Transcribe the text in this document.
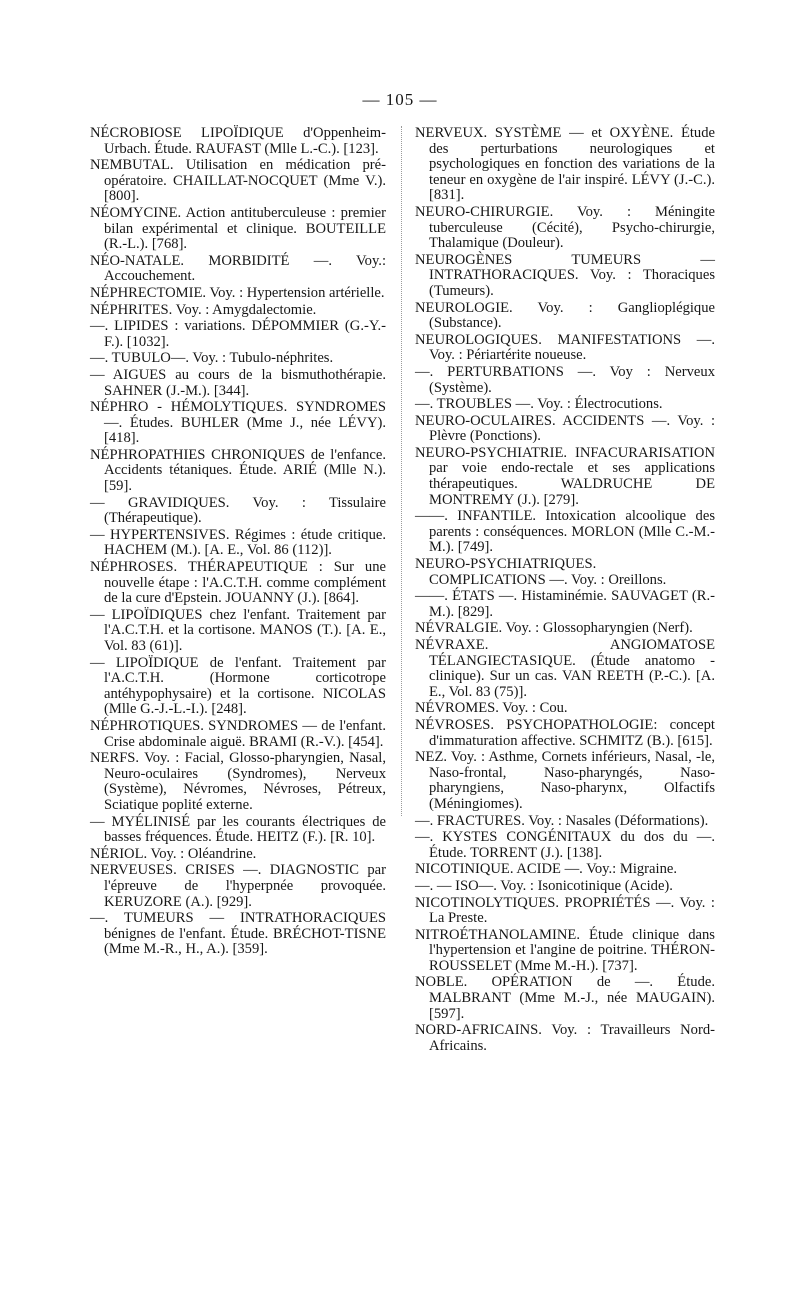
— 105 —

NÉCROBIOSE LIPOÏDIQUE d'Oppenheim-Urbach. Étude. RAUFAST (Mlle L.-C.). [123].

NEMBUTAL. Utilisation en médication pré-opératoire. CHAILLAT-NOCQUET (Mme V.). [800].

NÉOMYCINE. Action antituberculeuse : premier bilan expérimental et clinique. BOUTEILLE (R.-L.). [768].

NÉO-NATALE. MORBIDITÉ —. Voy.: Accouchement.

NÉPHRECTOMIE. Voy. : Hypertension artérielle.

NÉPHRITES. Voy. : Amygdalectomie.

—. LIPIDES : variations. DÉPOMMIER (G.-Y.-F.). [1032].

—. TUBULO—. Voy. : Tubulo-néphrites.

— AIGUES au cours de la bismuthothérapie. SAHNER (J.-M.). [344].

NÉPHRO - HÉMOLYTIQUES. SYNDROMES —. Études. BUHLER (Mme J., née LÉVY). [418].

NÉPHROPATHIES CHRONIQUES de l'enfance. Accidents tétaniques. Étude. ARIÉ (Mlle N.). [59].

— GRAVIDIQUES. Voy. : Tissulaire (Thérapeutique).

— HYPERTENSIVES. Régimes : étude critique. HACHEM (M.). [A. E., Vol. 86 (112)].

NÉPHROSES. THÉRAPEUTIQUE : Sur une nouvelle étape : l'A.C.T.H. comme complément de la cure d'Epstein. JOUANNY (J.). [864].

— LIPOÏDIQUES chez l'enfant. Traitement par l'A.C.T.H. et la cortisone. MANOS (T.). [A. E., Vol. 83 (61)].

— LIPOÏDIQUE de l'enfant. Traitement par l'A.C.T.H. (Hormone corticotrope antéhypophysaire) et la cortisone. NICOLAS (Mlle G.-J.-L.-I.). [248].

NÉPHROTIQUES. SYNDROMES — de l'enfant. Crise abdominale aiguë. BRAMI (R.-V.). [454].

NERFS. Voy. : Facial, Glosso-pharyngien, Nasal, Neuro-oculaires (Syndromes), Nerveux (Système), Névromes, Névroses, Pétreux, Sciatique poplité externe.

— MYÉLINISÉ par les courants électriques de basses fréquences. Étude. HEITZ (F.). [R. 10].

NÉRIOL. Voy. : Oléandrine.

NERVEUSES. CRISES —. DIAGNOSTIC par l'épreuve de l'hyperpnée provoquée. KERUZORE (A.). [929].

—. TUMEURS — INTRATHORACIQUES bénignes de l'enfant. Étude. BRÉCHOT-TISNE (Mme M.-R., H., A.). [359].

NERVEUX. SYSTÈME — et OXYÈNE. Étude des perturbations neurologiques et psychologiques en fonction des variations de la teneur en oxygène de l'air inspiré. LÉVY (J.-C.). [831].

NEURO-CHIRURGIE. Voy. : Méningite tuberculeuse (Cécité), Psycho-chirurgie, Thalamique (Douleur).

NEUROGÈNES TUMEURS — INTRATHORACIQUES. Voy. : Thoraciques (Tumeurs).

NEUROLOGIE. Voy. : Ganglioplégique (Substance).

NEUROLOGIQUES. MANIFESTATIONS —. Voy. : Périartérite noueuse.

—. PERTURBATIONS —. Voy : Nerveux (Système).

—. TROUBLES —. Voy. : Électrocutions.

NEURO-OCULAIRES. ACCIDENTS —. Voy. : Plèvre (Ponctions).

NEURO-PSYCHIATRIE. INFACURARISATION par voie endo-rectale et ses applications thérapeutiques. WALDRUCHE DE MONTREMY (J.). [279].

——. INFANTILE. Intoxication alcoolique des parents : conséquences. MORLON (Mlle C.-M.-M.). [749].

NEURO-PSYCHIATRIQUES. COMPLICATIONS —. Voy. : Oreillons.

——. ÉTATS —. Histaminémie. SAUVAGET (R.-M.). [829].

NÉVRALGIE. Voy. : Glossopharyngien (Nerf).

NÉVRAXE. ANGIOMATOSE TÉLANGIECTASIQUE. (Étude anatomo - clinique). Sur un cas. VAN REETH (P.-C.). [A. E., Vol. 83 (75)].

NÉVROMES. Voy. : Cou.

NÉVROSES. PSYCHOPATHOLOGIE: concept d'immaturation affective. SCHMITZ (B.). [615].

NEZ. Voy. : Asthme, Cornets inférieurs, Nasal, -le, Naso-frontal, Naso-pharyngés, Naso-pharyngiens, Naso-pharynx, Olfactifs (Méningiomes).

—. FRACTURES. Voy. : Nasales (Déformations).

—. KYSTES CONGÉNITAUX du dos du —. Étude. TORRENT (J.). [138].

NICOTINIQUE. ACIDE —. Voy.: Migraine.

—. — ISO—. Voy. : Isonicotinique (Acide).

NICOTINOLYTIQUES. PROPRIÉTÉS —. Voy. : La Preste.

NITROÉTHANOLAMINE. Étude clinique dans l'hypertension et l'angine de poitrine. THÉRON-ROUSSELET (Mme M.-H.). [737].

NOBLE. OPÉRATION de —. Étude. MALBRANT (Mme M.-J., née MAUGAIN). [597].

NORD-AFRICAINS. Voy. : Travailleurs Nord-Africains.
